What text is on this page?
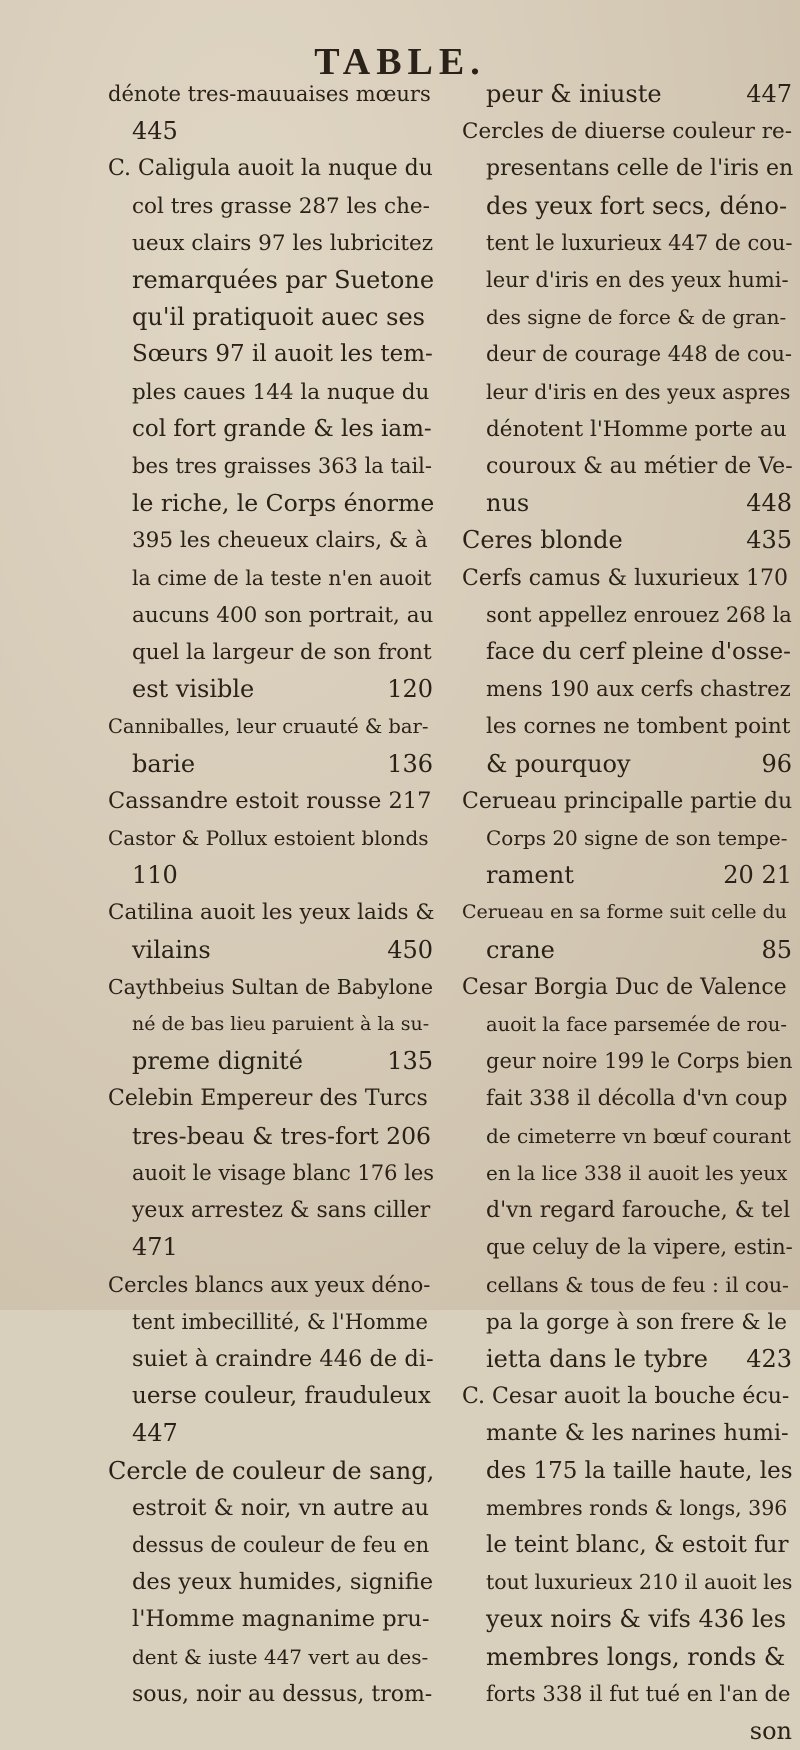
TABLE.
dénote tres-mauuaises mœurs
445
C. Caligula auoit la nuque du
col tres grasse 287 les che-
ueux clairs 97 les lubricitez
remarquées par Suetone
qu'il pratiquoit auec ses
Sœurs 97 il auoit les tem-
ples caues 144 la nuque du
col fort grande & les iam-
bes tres graisses 363 la tail-
le riche, le Corps énorme
395 les cheueux clairs, & à
la cime de la teste n'en auoit
aucuns 400 son portrait, au
quel la largeur de son front
120
est visible
Canniballes, leur cruauté & bar-
136
barie
Cassandre estoit rousse 217
Castor & Pollux estoient blonds
110
Catilina auoit les yeux laids &
450
vilains
Caythbeius Sultan de Babylone
né de bas lieu paruient à la su-
135
preme dignité
Celebin Empereur des Turcs
tres-beau & tres-fort 206
auoit le visage blanc 176 les
yeux arrestez & sans ciller
471
Cercles blancs aux yeux déno-
tent imbecillité, & l'Homme
suiet à craindre 446 de di-
uerse couleur, frauduleux
447
Cercle de couleur de sang,
estroit & noir, vn autre au
dessus de couleur de feu en
des yeux humides, signifie
l'Homme magnanime pru-
dent & iuste 447 vert au des-
sous, noir au dessus, trom-
447
peur & iniuste
Cercles de diuerse couleur re-
presentans celle de l'iris en
des yeux fort secs, déno-
tent le luxurieux 447 de cou-
leur d'iris en des yeux humi-
des signe de force & de gran-
deur de courage 448 de cou-
leur d'iris en des yeux aspres
dénotent l'Homme porte au
couroux & au métier de Ve-
448
nus
435
Ceres blonde
Cerfs camus & luxurieux 170
sont appellez enrouez 268 la
face du cerf pleine d'osse-
mens 190 aux cerfs chastrez
les cornes ne tombent point
96
& pourquoy
Cerueau principalle partie du
Corps 20 signe de son tempe-
20 21
rament
Cerueau en sa forme suit celle du
85
crane
Cesar Borgia Duc de Valence
auoit la face parsemée de rou-
geur noire 199 le Corps bien
fait 338 il décolla d'vn coup
de cimeterre vn bœuf courant
en la lice 338 il auoit les yeux
d'vn regard farouche, & tel
que celuy de la vipere, estin-
cellans & tous de feu : il cou-
pa la gorge à son frere & le
423
ietta dans le tybre
C. Cesar auoit la bouche écu-
mante & les narines humi-
des 175 la taille haute, les
membres ronds & longs, 396
le teint blanc, & estoit fur
tout luxurieux 210 il auoit les
yeux noirs & vifs 436 les
membres longs, ronds &
forts 338 il fut tué en l'an de
son
